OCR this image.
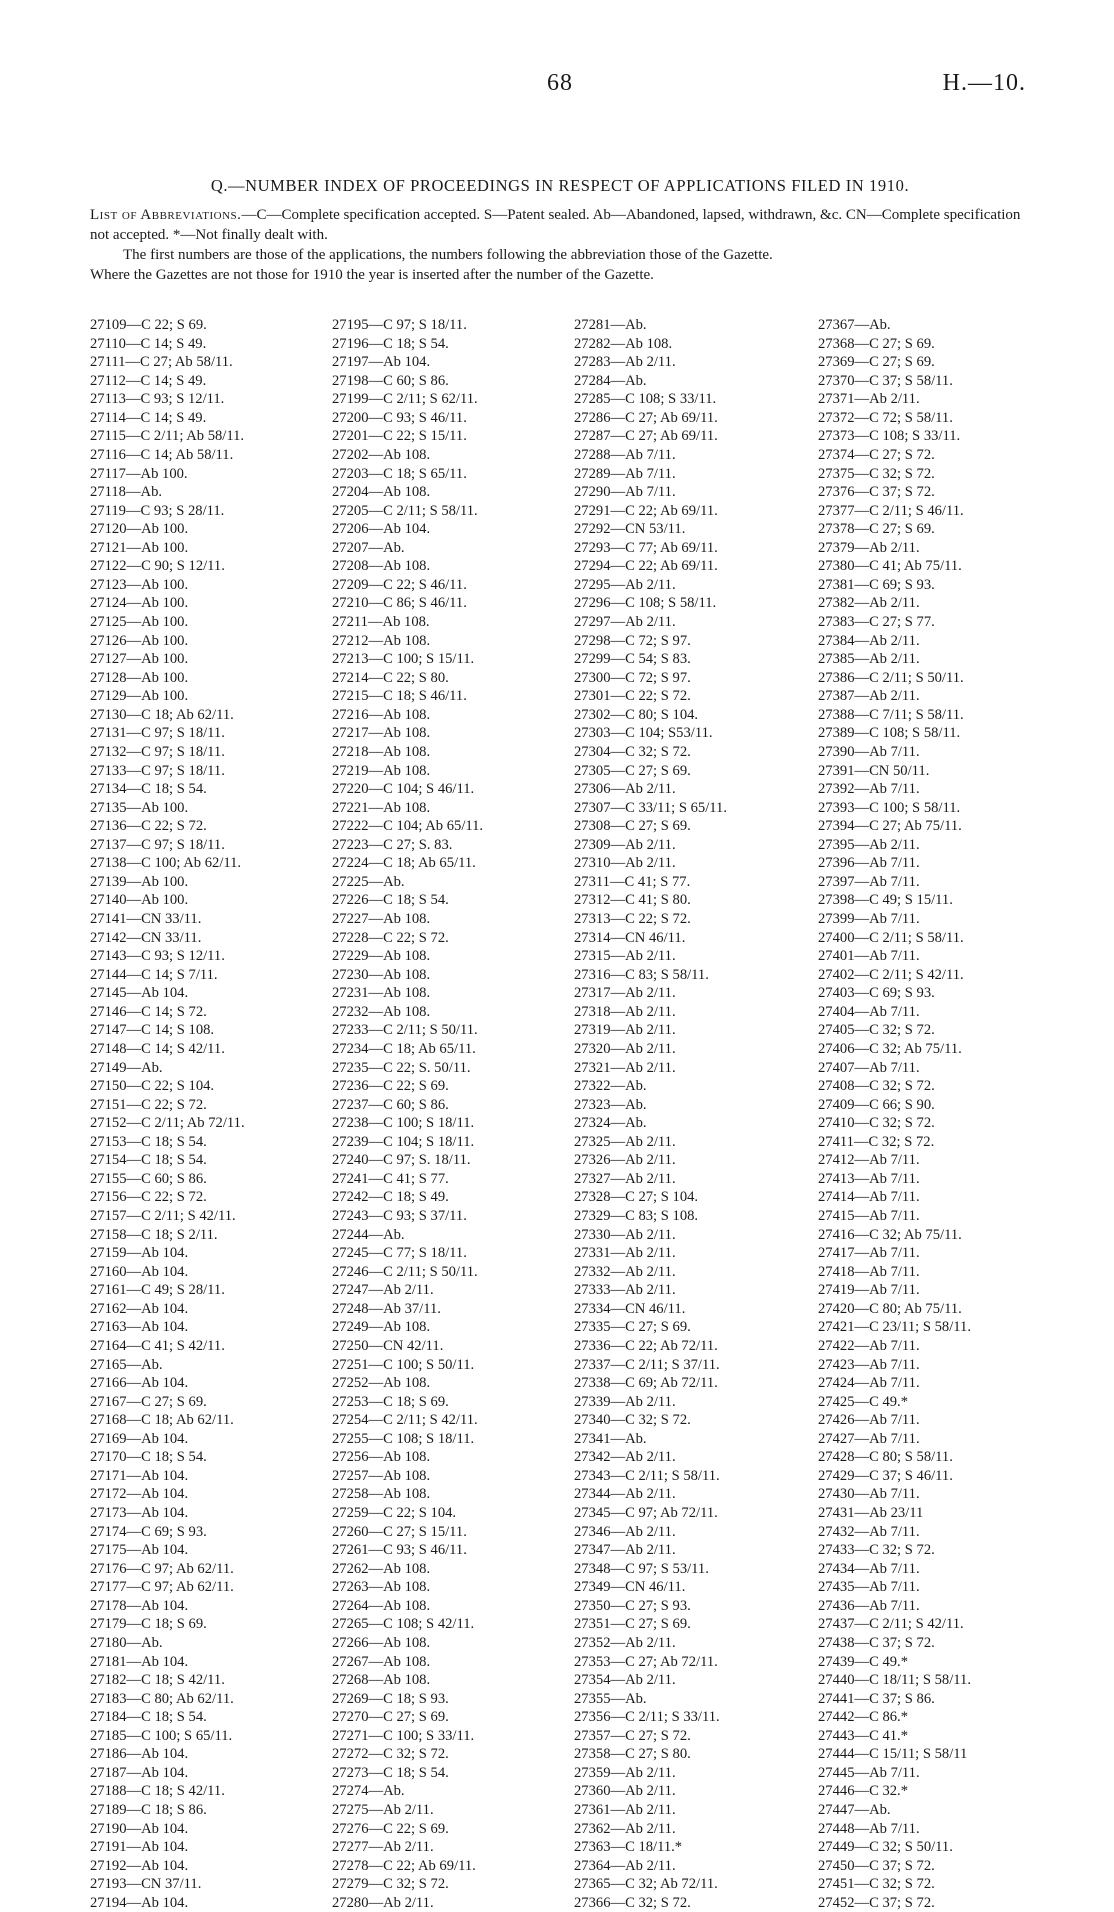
68	H.—10.
Q.—NUMBER INDEX OF PROCEEDINGS IN RESPECT OF APPLICATIONS FILED IN 1910.

List of Abbreviations.—C—Complete specification accepted. S—Patent sealed. Ab—Abandoned, lapsed, withdrawn, &c. CN—Complete specification not accepted. *—Not finally dealt with.

The first numbers are those of the applications, the numbers following the abbreviation those of the Gazette.

Where the Gazettes are not those for 1910 the year is inserted after the number of the Gazette.

27109—C 22; S 69.
27110—C 14; S 49.
27111—C 27; Ab 58/11.
27112—C 14; S 49.
27113—C 93; S 12/11.
27114—C 14; S 49.
27115—C 2/11; Ab 58/11.
27116—C 14; Ab 58/11.
27117—Ab 100.
27118—Ab.
27119—C 93; S 28/11.
27120—Ab 100.
27121—Ab 100.
27122—C 90; S 12/11.
27123—Ab 100.
27124—Ab 100.
27125—Ab 100.
27126—Ab 100.
27127—Ab 100.
27128—Ab 100.
27129—Ab 100.
27130—C 18; Ab 62/11.
27131—C 97; S 18/11.
27132—C 97; S 18/11.
27133—C 97; S 18/11.
27134—C 18; S 54.
27135—Ab 100.
27136—C 22; S 72.
27137—C 97; S 18/11.
27138—C 100; Ab 62/11.
27139—Ab 100.
27140—Ab 100.
27141—CN 33/11.
27142—CN 33/11.
27143—C 93; S 12/11.
27144—C 14; S 7/11.
27145—Ab 104.
27146—C 14; S 72.
27147—C 14; S 108.
27148—C 14; S 42/11.
27149—Ab.
27150—C 22; S 104.
27151—C 22; S 72.
27152—C 2/11; Ab 72/11.
27153—C 18; S 54.
27154—C 18; S 54.
27155—C 60; S 86.
27156—C 22; S 72.
27157—C 2/11; S 42/11.
27158—C 18; S 2/11.
27159—Ab 104.
27160—Ab 104.
27161—C 49; S 28/11.
27162—Ab 104.
27163—Ab 104.
27164—C 41; S 42/11.
27165—Ab.
27166—Ab 104.
27167—C 27; S 69.
27168—C 18; Ab 62/11.
27169—Ab 104.
27170—C 18; S 54.
27171—Ab 104.
27172—Ab 104.
27173—Ab 104.
27174—C 69; S 93.
27175—Ab 104.
27176—C 97; Ab 62/11.
27177—C 97; Ab 62/11.
27178—Ab 104.
27179—C 18; S 69.
27180—Ab.
27181—Ab 104.
27182—C 18; S 42/11.
27183—C 80; Ab 62/11.
27184—C 18; S 54.
27185—C 100; S 65/11.
27186—Ab 104.
27187—Ab 104.
27188—C 18; S 42/11.
27189—C 18; S 86.
27190—Ab 104.
27191—Ab 104.
27192—Ab 104.
27193—CN 37/11.
27194—Ab 104.
27195—C 97; S 18/11.
27196—C 18; S 54.
27197—Ab 104.
27198—C 60; S 86.
27199—C 2/11; S 62/11.
27200—C 93; S 46/11.
27201—C 22; S 15/11.
27202—Ab 108.
27203—C 18; S 65/11.
27204—Ab 108.
27205—C 2/11; S 58/11.
27206—Ab 104.
27207—Ab.
27208—Ab 108.
27209—C 22; S 46/11.
27210—C 86; S 46/11.
27211—Ab 108.
27212—Ab 108.
27213—C 100; S 15/11.
27214—C 22; S 80.
27215—C 18; S 46/11.
27216—Ab 108.
27217—Ab 108.
27218—Ab 108.
27219—Ab 108.
27220—C 104; S 46/11.
27221—Ab 108.
27222—C 104; Ab 65/11.
27223—C 27; S. 83.
27224—C 18; Ab 65/11.
27225—Ab.
27226—C 18; S 54.
27227—Ab 108.
27228—C 22; S 72.
27229—Ab 108.
27230—Ab 108.
27231—Ab 108.
27232—Ab 108.
27233—C 2/11; S 50/11.
27234—C 18; Ab 65/11.
27235—C 22; S. 50/11.
27236—C 22; S 69.
27237—C 60; S 86.
27238—C 100; S 18/11.
27239—C 104; S 18/11.
27240—C 97; S. 18/11.
27241—C 41; S 77.
27242—C 18; S 49.
27243—C 93; S 37/11.
27244—Ab.
27245—C 77; S 18/11.
27246—C 2/11; S 50/11.
27247—Ab 2/11.
27248—Ab 37/11.
27249—Ab 108.
27250—CN 42/11.
27251—C 100; S 50/11.
27252—Ab 108.
27253—C 18; S 69.
27254—C 2/11; S 42/11.
27255—C 108; S 18/11.
27256—Ab 108.
27257—Ab 108.
27258—Ab 108.
27259—C 22; S 104.
27260—C 27; S 15/11.
27261—C 93; S 46/11.
27262—Ab 108.
27263—Ab 108.
27264—Ab 108.
27265—C 108; S 42/11.
27266—Ab 108.
27267—Ab 108.
27268—Ab 108.
27269—C 18; S 93.
27270—C 27; S 69.
27271—C 100; S 33/11.
27272—C 32; S 72.
27273—C 18; S 54.
27274—Ab.
27275—Ab 2/11.
27276—C 22; S 69.
27277—Ab 2/11.
27278—C 22; Ab 69/11.
27279—C 32; S 72.
27280—Ab 2/11.
27281—Ab.
27282—Ab 108.
27283—Ab 2/11.
27284—Ab.
27285—C 108; S 33/11.
27286—C 27; Ab 69/11.
27287—C 27; Ab 69/11.
27288—Ab 7/11.
27289—Ab 7/11.
27290—Ab 7/11.
27291—C 22; Ab 69/11.
27292—CN 53/11.
27293—C 77; Ab 69/11.
27294—C 22; Ab 69/11.
27295—Ab 2/11.
27296—C 108; S 58/11.
27297—Ab 2/11.
27298—C 72; S 97.
27299—C 54; S 83.
27300—C 72; S 97.
27301—C 22; S 72.
27302—C 80; S 104.
27303—C 104; S53/11.
27304—C 32; S 72.
27305—C 27; S 69.
27306—Ab 2/11.
27307—C 33/11; S 65/11.
27308—C 27; S 69.
27309—Ab 2/11.
27310—Ab 2/11.
27311—C 41; S 77.
27312—C 41; S 80.
27313—C 22; S 72.
27314—CN 46/11.
27315—Ab 2/11.
27316—C 83; S 58/11.
27317—Ab 2/11.
27318—Ab 2/11.
27319—Ab 2/11.
27320—Ab 2/11.
27321—Ab 2/11.
27322—Ab.
27323—Ab.
27324—Ab.
27325—Ab 2/11.
27326—Ab 2/11.
27327—Ab 2/11.
27328—C 27; S 104.
27329—C 83; S 108.
27330—Ab 2/11.
27331—Ab 2/11.
27332—Ab 2/11.
27333—Ab 2/11.
27334—CN 46/11.
27335—C 27; S 69.
27336—C 22; Ab 72/11.
27337—C 2/11; S 37/11.
27338—C 69; Ab 72/11.
27339—Ab 2/11.
27340—C 32; S 72.
27341—Ab.
27342—Ab 2/11.
27343—C 2/11; S 58/11.
27344—Ab 2/11.
27345—C 97; Ab 72/11.
27346—Ab 2/11.
27347—Ab 2/11.
27348—C 97; S 53/11.
27349—CN 46/11.
27350—C 27; S 93.
27351—C 27; S 69.
27352—Ab 2/11.
27353—C 27; Ab 72/11.
27354—Ab 2/11.
27355—Ab.
27356—C 2/11; S 33/11.
27357—C 27; S 72.
27358—C 27; S 80.
27359—Ab 2/11.
27360—Ab 2/11.
27361—Ab 2/11.
27362—Ab 2/11.
27363—C 18/11.*
27364—Ab 2/11.
27365—C 32; Ab 72/11.
27366—C 32; S 72.
27367—Ab.
27368—C 27; S 69.
27369—C 27; S 69.
27370—C 37; S 58/11.
27371—Ab 2/11.
27372—C 72; S 58/11.
27373—C 108; S 33/11.
27374—C 27; S 72.
27375—C 32; S 72.
27376—C 37; S 72.
27377—C 2/11; S 46/11.
27378—C 27; S 69.
27379—Ab 2/11.
27380—C 41; Ab 75/11.
27381—C 69; S 93.
27382—Ab 2/11.
27383—C 27; S 77.
27384—Ab 2/11.
27385—Ab 2/11.
27386—C 2/11; S 50/11.
27387—Ab 2/11.
27388—C 7/11; S 58/11.
27389—C 108; S 58/11.
27390—Ab 7/11.
27391—CN 50/11.
27392—Ab 7/11.
27393—C 100; S 58/11.
27394—C 27; Ab 75/11.
27395—Ab 2/11.
27396—Ab 7/11.
27397—Ab 7/11.
27398—C 49; S 15/11.
27399—Ab 7/11.
27400—C 2/11; S 58/11.
27401—Ab 7/11.
27402—C 2/11; S 42/11.
27403—C 69; S 93.
27404—Ab 7/11.
27405—C 32; S 72.
27406—C 32; Ab 75/11.
27407—Ab 7/11.
27408—C 32; S 72.
27409—C 66; S 90.
27410—C 32; S 72.
27411—C 32; S 72.
27412—Ab 7/11.
27413—Ab 7/11.
27414—Ab 7/11.
27415—Ab 7/11.
27416—C 32; Ab 75/11.
27417—Ab 7/11.
27418—Ab 7/11.
27419—Ab 7/11.
27420—C 80; Ab 75/11.
27421—C 23/11; S 58/11.
27422—Ab 7/11.
27423—Ab 7/11.
27424—Ab 7/11.
27425—C 49.*
27426—Ab 7/11.
27427—Ab 7/11.
27428—C 80; S 58/11.
27429—C 37; S 46/11.
27430—Ab 7/11.
27431—Ab 23/11
27432—Ab 7/11.
27433—C 32; S 72.
27434—Ab 7/11.
27435—Ab 7/11.
27436—Ab 7/11.
27437—C 2/11; S 42/11.
27438—C 37; S 72.
27439—C 49.*
27440—C 18/11; S 58/11.
27441—C 37; S 86.
27442—C 86.*
27443—C 41.*
27444—C 15/11; S 58/11
27445—Ab 7/11.
27446—C 32.*
27447—Ab.
27448—Ab 7/11.
27449—C 32; S 50/11.
27450—C 37; S 72.
27451—C 32; S 72.
27452—C 37; S 72.
